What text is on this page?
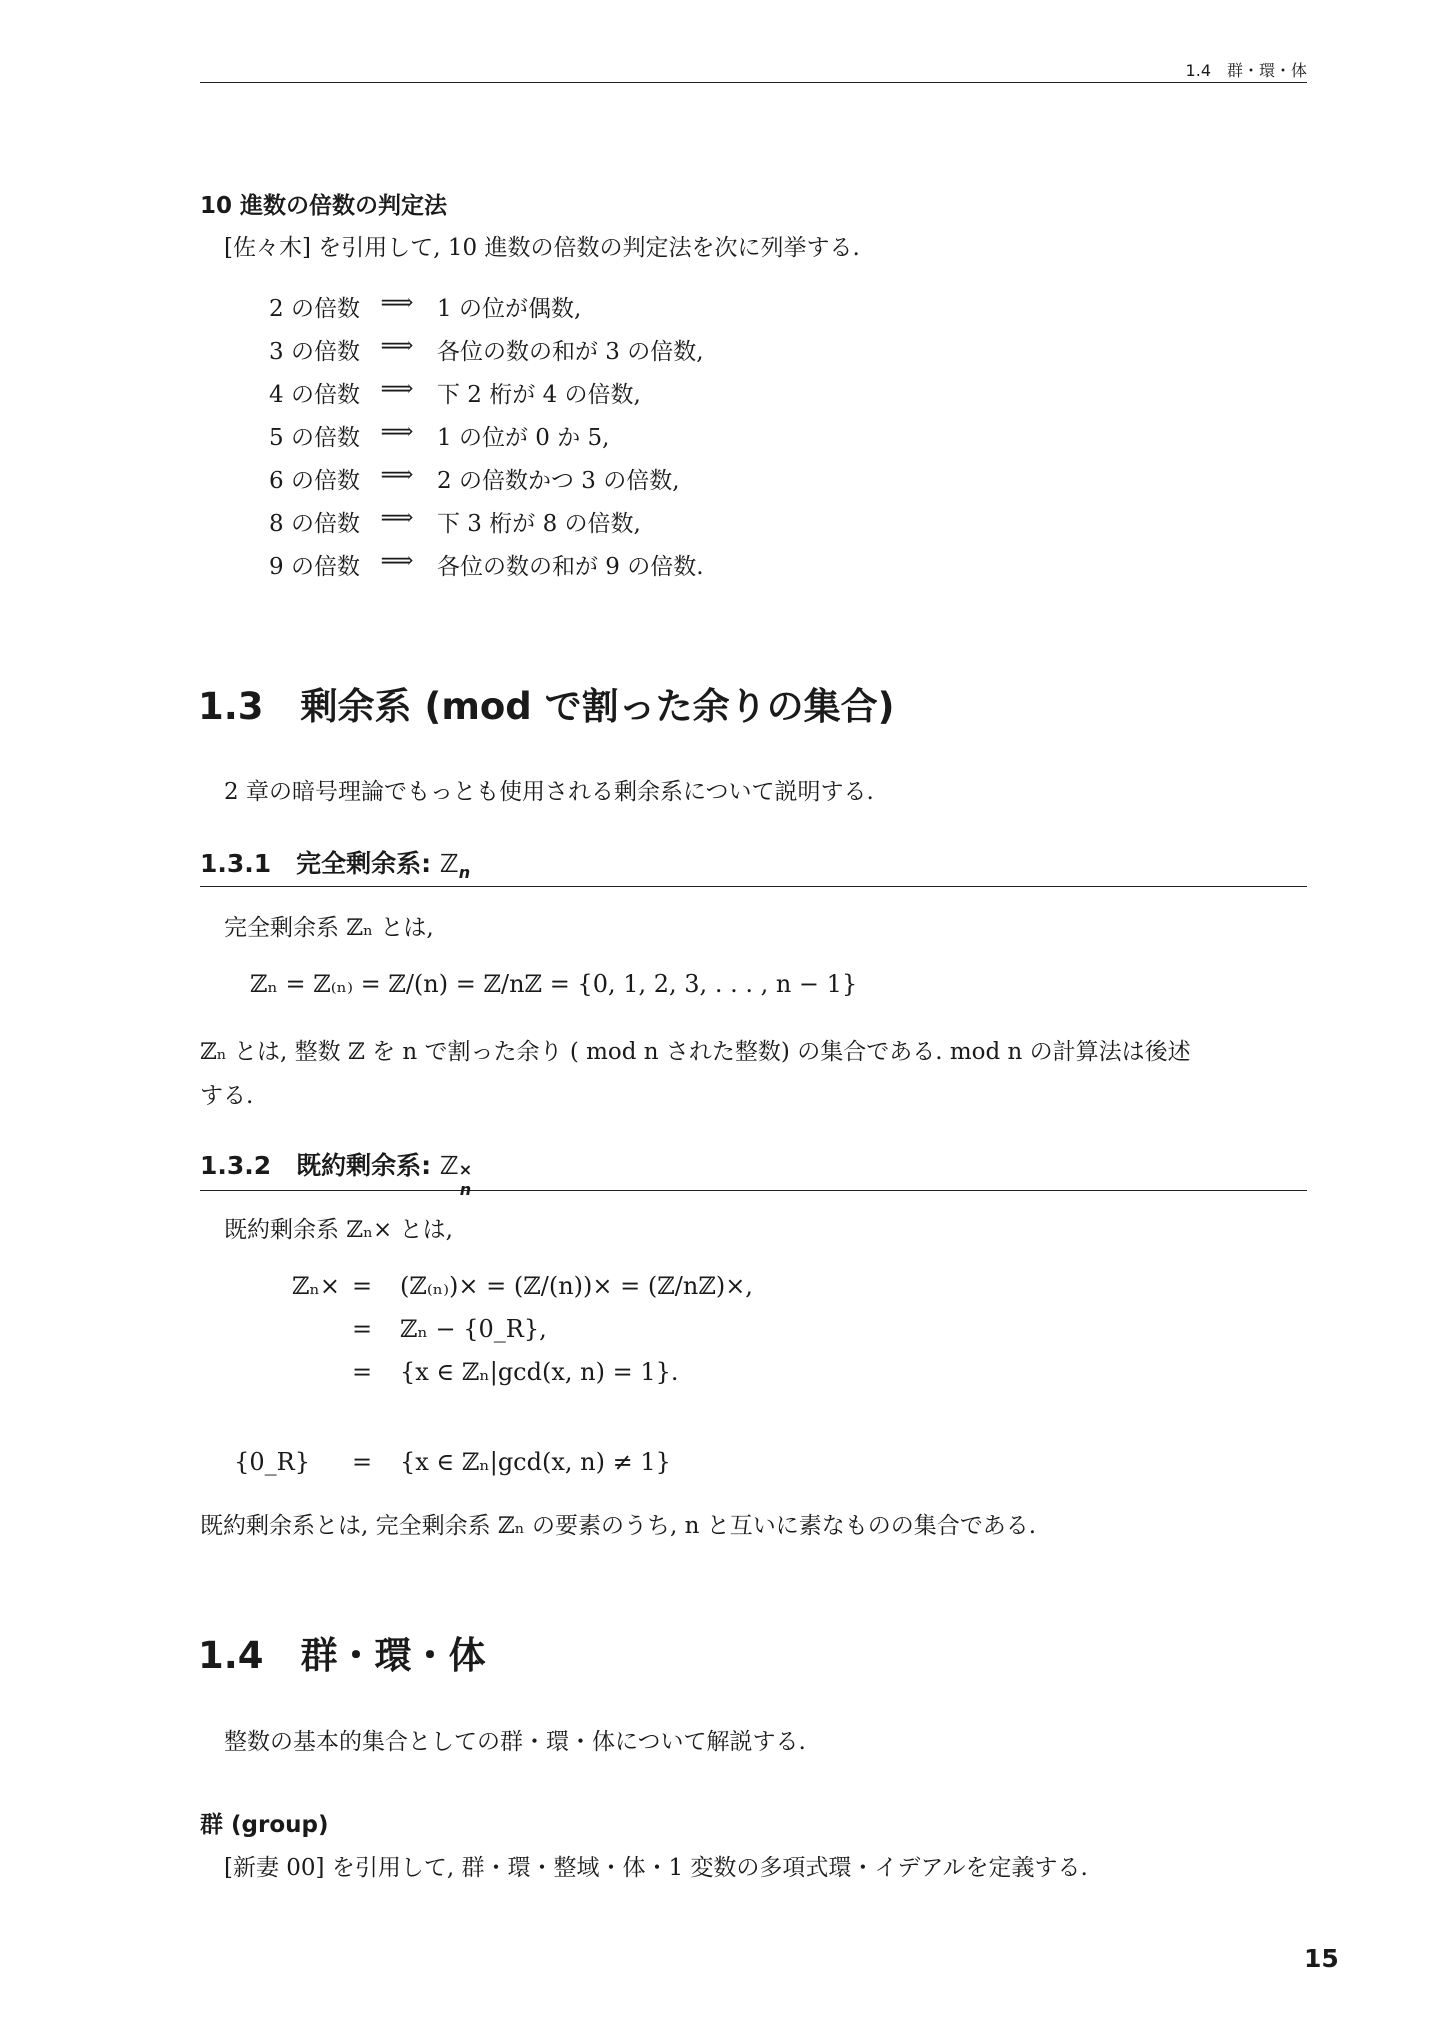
1.4　群・環・体
10 進数の倍数の判定法
[佐々木] を引用して, 10 進数の倍数の判定法を次に列挙する.
2 の倍数 ⟹	1 の位が偶数,
3 の倍数 ⟹	各位の数の和が 3 の倍数,
4 の倍数 ⟹	下 2 桁が 4 の倍数,
5 の倍数 ⟹	1 の位が 0 か 5,
6 の倍数 ⟹	2 の倍数かつ 3 の倍数,
8 の倍数 ⟹	下 3 桁が 8 の倍数,
9 の倍数 ⟹	各位の数の和が 9 の倍数.
1.3　剰余系 (mod で割った余りの集合)
2 章の暗号理論でもっとも使用される剰余系について説明する.
1.3.1　完全剰余系: ℤ$_n$
完全剰余系 ℤₙ とは,
ℤₙ = ℤ₍ₙ₎ = ℤ/(n) = ℤ/nℤ = {0, 1, 2, 3, . . . , n − 1}
ℤₙ とは, 整数 ℤ を n で割った余り ( mod n された整数) の集合である. mod n の計算法は後述
する.
1.3.2　既約剰余系: ℤ ×
n
既約剰余系 ℤₙ× とは,
ℤₙ× =	(ℤ₍ₙ₎)× = (ℤ/(n))× = (ℤ/nℤ)×,
=	ℤₙ − {0_R},
=	{x ∈ ℤₙ|gcd(x, n) = 1}.
{0_R}	=	{x ∈ ℤₙ|gcd(x, n) ≠ 1}
既約剰余系とは, 完全剰余系 ℤₙ の要素のうち, n と互いに素なものの集合である.
1.4　群・環・体
整数の基本的集合としての群・環・体について解説する.
群 (group)
[新妻 00] を引用して, 群・環・整域・体・1 変数の多項式環・イデアルを定義する.
15
